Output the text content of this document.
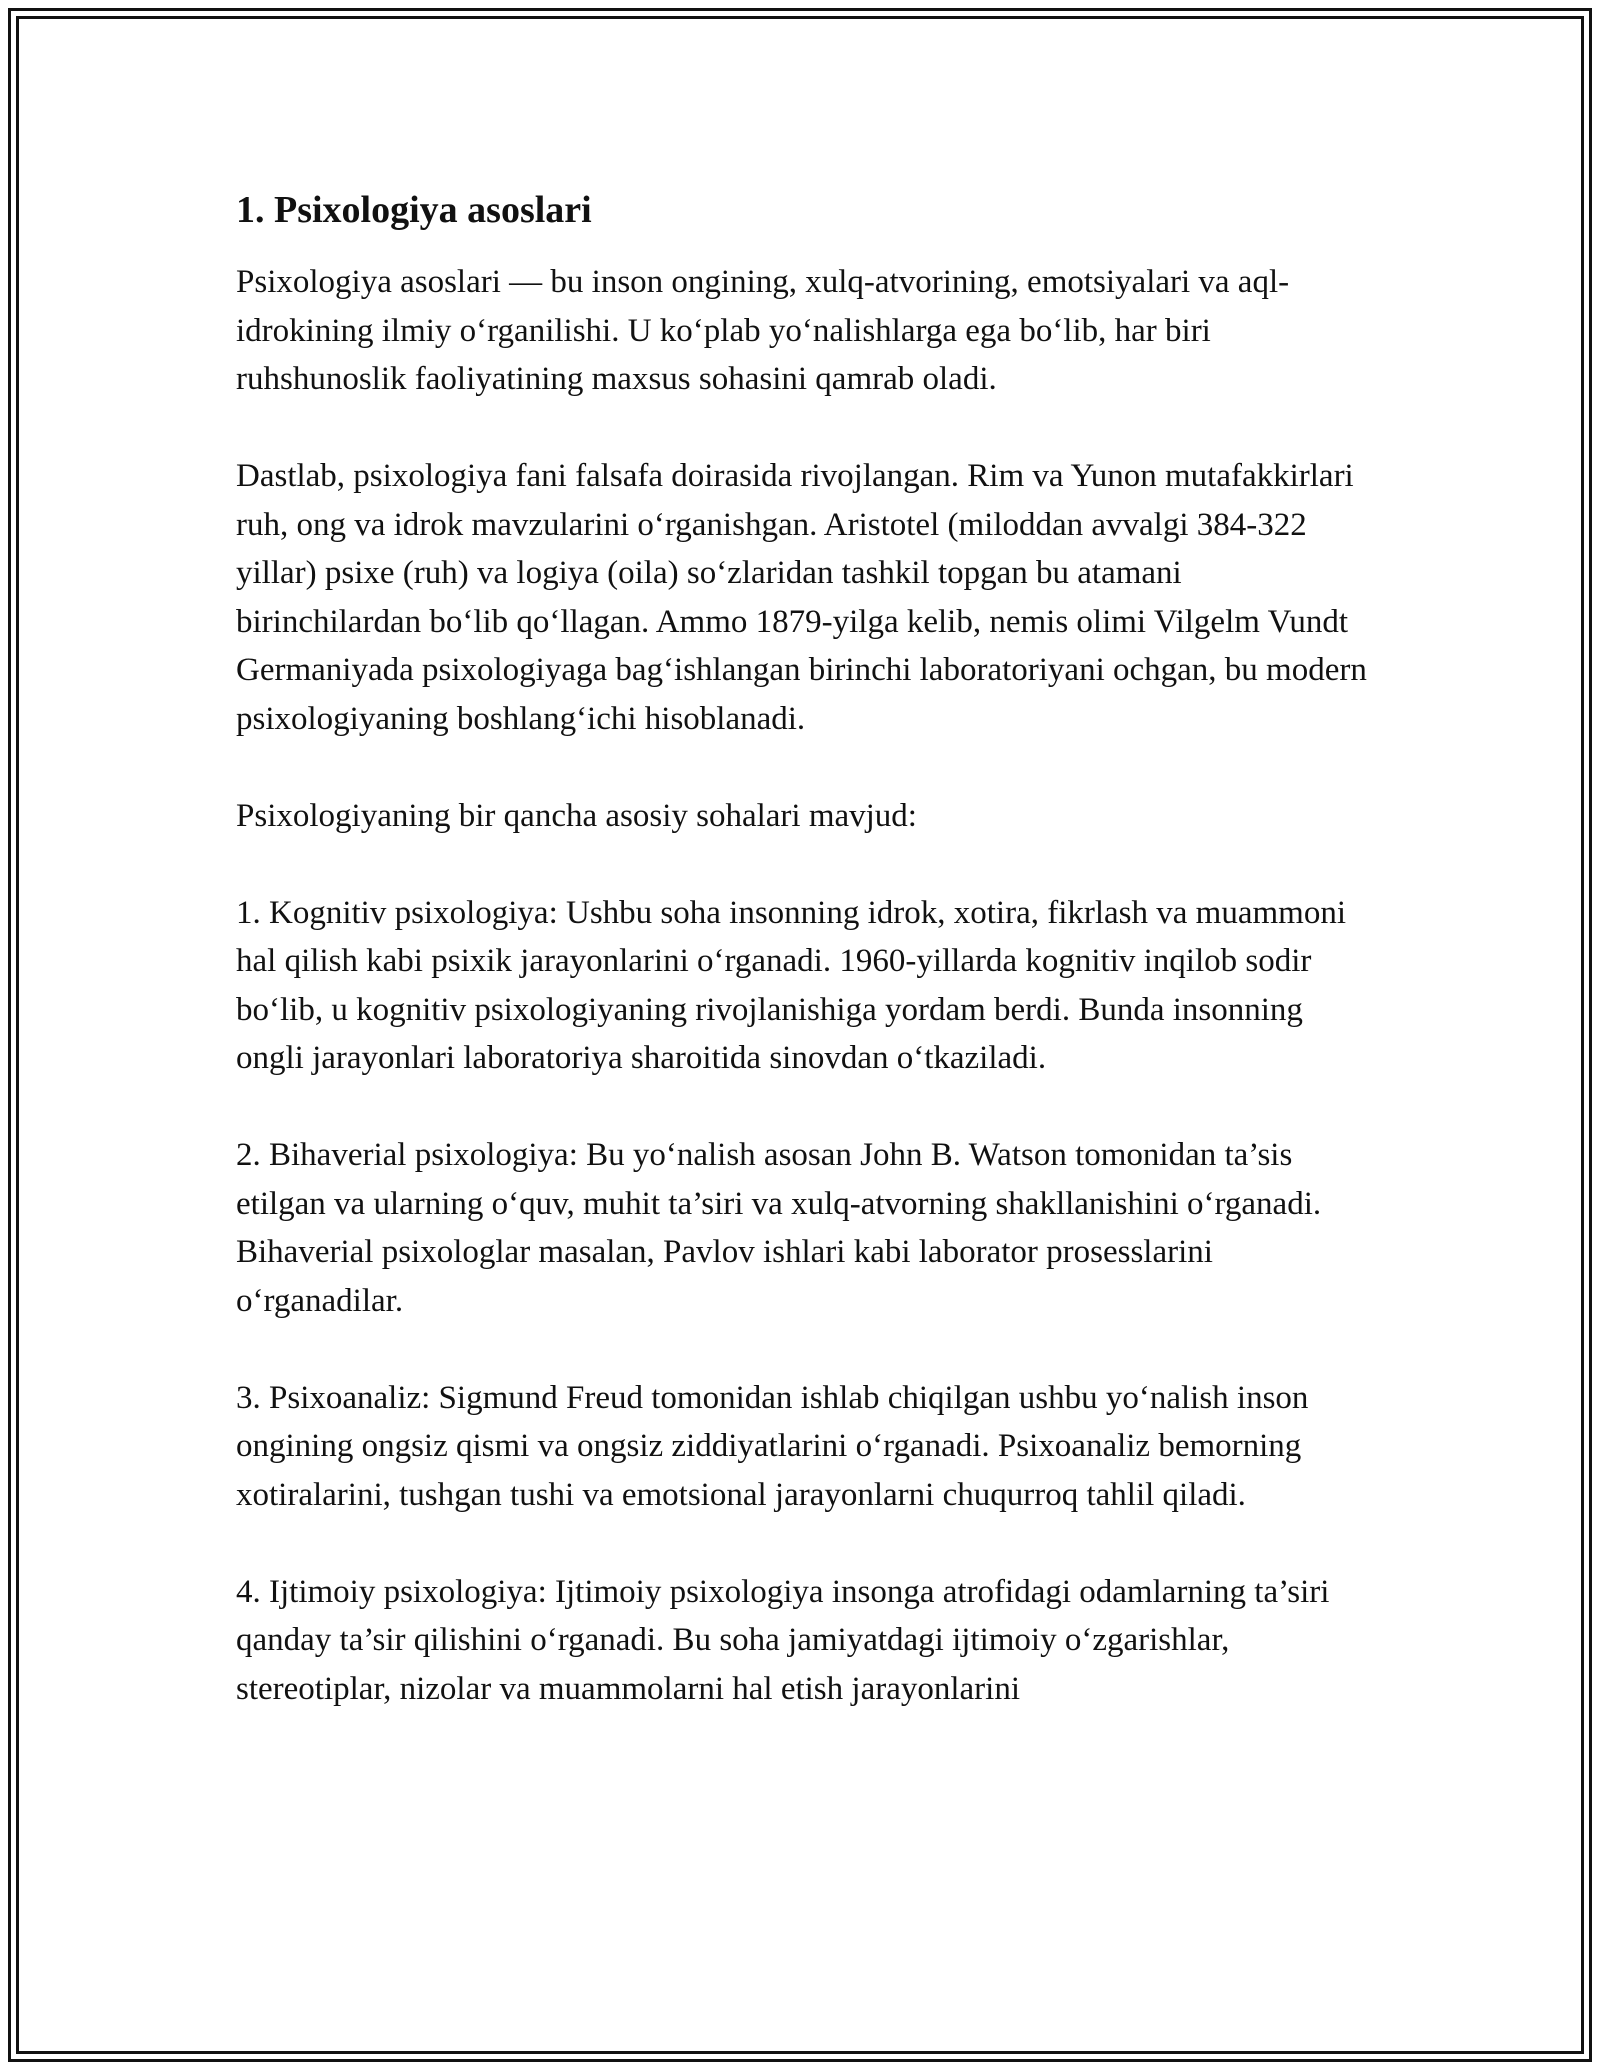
1. Psixologiya asoslari

Psixologiya asoslari — bu inson ongining, xulq-atvorining, emotsiyalari va aql-idrokining ilmiy o‘rganilishi. U ko‘plab yo‘nalishlarga ega bo‘lib, har biri ruhshunoslik faoliyatining maxsus sohasini qamrab oladi.

Dastlab, psixologiya fani falsafa doirasida rivojlangan. Rim va Yunon mutafakkirlari ruh, ong va idrok mavzularini o‘rganishgan. Aristotel (miloddan avvalgi 384-322 yillar) psixe (ruh) va logiya (oila) so‘zlaridan tashkil topgan bu atamani birinchilardan bo‘lib qo‘llagan. Ammo 1879-yilga kelib, nemis olimi Vilgelm Vundt Germaniyada psixologiyaga bag‘ishlangan birinchi laboratoriyani ochgan, bu modern psixologiyaning boshlang‘ichi hisoblanadi.

Psixologiyaning bir qancha asosiy sohalari mavjud:

1. Kognitiv psixologiya: Ushbu soha insonning idrok, xotira, fikrlash va muammoni hal qilish kabi psixik jarayonlarini o‘rganadi. 1960-yillarda kognitiv inqilob sodir bo‘lib, u kognitiv psixologiyaning rivojlanishiga yordam berdi. Bunda insonning ongli jarayonlari laboratoriya sharoitida sinovdan o‘tkaziladi.

2. Bihaverial psixologiya: Bu yo‘nalish asosan John B. Watson tomonidan ta’sis etilgan va ularning o‘quv, muhit ta’siri va xulq-atvorning shakllanishini o‘rganadi. Bihaverial psixologlar masalan, Pavlov ishlari kabi laborator prosesslarini o‘rganadilar.

3. Psixoanaliz: Sigmund Freud tomonidan ishlab chiqilgan ushbu yo‘nalish inson ongining ongsiz qismi va ongsiz ziddiyatlarini o‘rganadi. Psixoanaliz bemorning xotiralarini, tushgan tushi va emotsional jarayonlarni chuqurroq tahlil qiladi.

4. Ijtimoiy psixologiya: Ijtimoiy psixologiya insonga atrofidagi odamlarning ta’siri qanday ta’sir qilishini o‘rganadi. Bu soha jamiyatdagi ijtimoiy o‘zgarishlar, stereotiplar, nizolar va muammolarni hal etish jarayonlarini
